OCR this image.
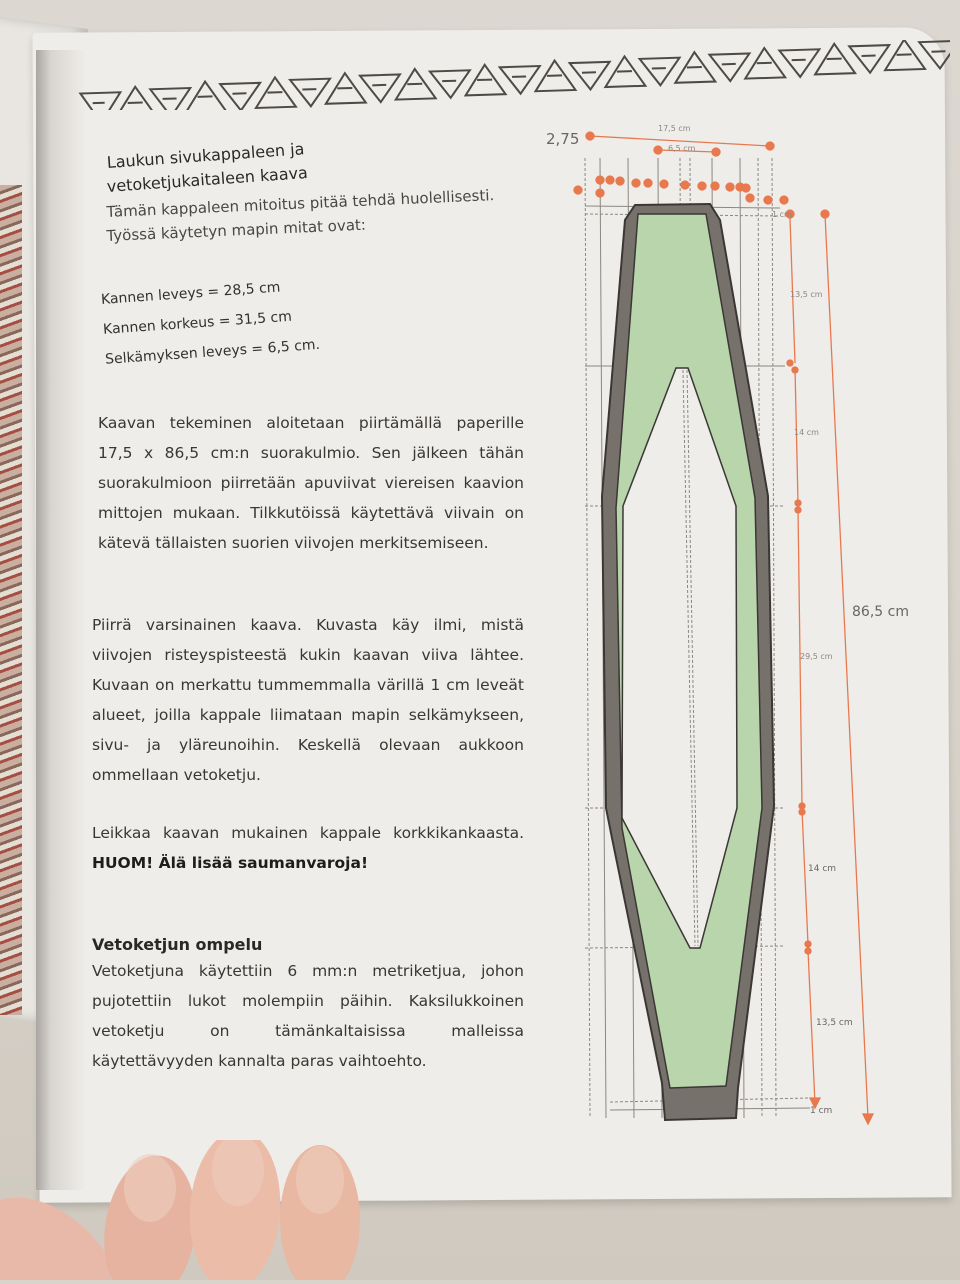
Laukun sivukappaleen ja

vetoketjukaitaleen kaava

Tämän kappaleen mitoitus pitää tehdä huolellisesti.

Työssä käytetyn mapin mitat ovat:

Kannen leveys = 28,5 cm
Kannen korkeus = 31,5 cm
Selkämyksen leveys = 6,5 cm.
Kaavan tekeminen aloitetaan piirtämällä paperille 17,5 x 86,5 cm:n suorakulmio. Sen jälkeen tähän suorakulmioon piirretään apuviivat viereisen kaavion mittojen mukaan. Tilkkutöissä käytettävä viivain on kätevä tällaisten suorien viivojen merkitsemiseen.
Piirrä varsinainen kaava. Kuvasta käy ilmi, mistä viivojen risteyspisteestä kukin kaavan viiva lähtee. Kuvaan on merkattu tummemmalla värillä 1 cm leveät alueet, joilla kappale liimataan mapin selkämykseen, sivu- ja yläreunoihin. Keskellä olevaan aukkoon ommellaan vetoketju.
Leikkaa kaavan mukainen kappale korkkikankaasta. HUOM! Älä lisää saumanvaroja!
Vetoketjun ompelu
Vetoketjuna käytettiin 6 mm:n metriketjua, johon pujotettiin lukot molempiin päihin. Kaksilukkoinen vetoketju on tämänkaltaisissa malleissa käytettävyyden kannalta paras vaihtoehto.
2,75
17,5 cm
6,5 cm
86,5 cm
1 cm
13,5 cm
14 cm
29,5 cm
14 cm
13,5 cm
1 cm
